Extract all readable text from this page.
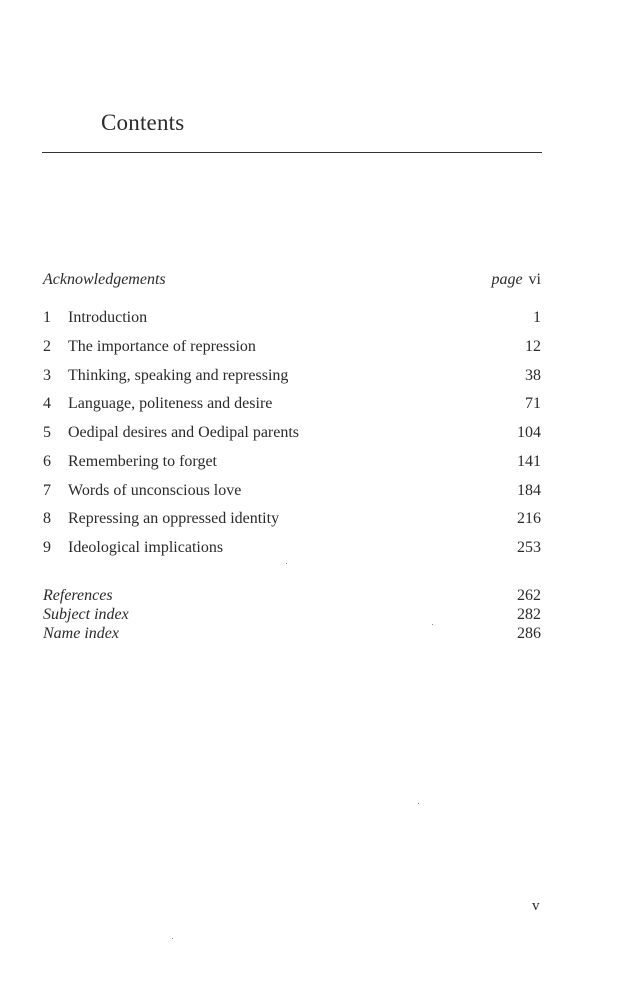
Contents
Acknowledgements	page vi
1 Introduction	1
2 The importance of repression	12
3 Thinking, speaking and repressing	38
4 Language, politeness and desire	71
5 Oedipal desires and Oedipal parents	104
6 Remembering to forget	141
7 Words of unconscious love	184
8 Repressing an oppressed identity	216
9 Ideological implications	253
References	262
Subject index	282
Name index	286
v
